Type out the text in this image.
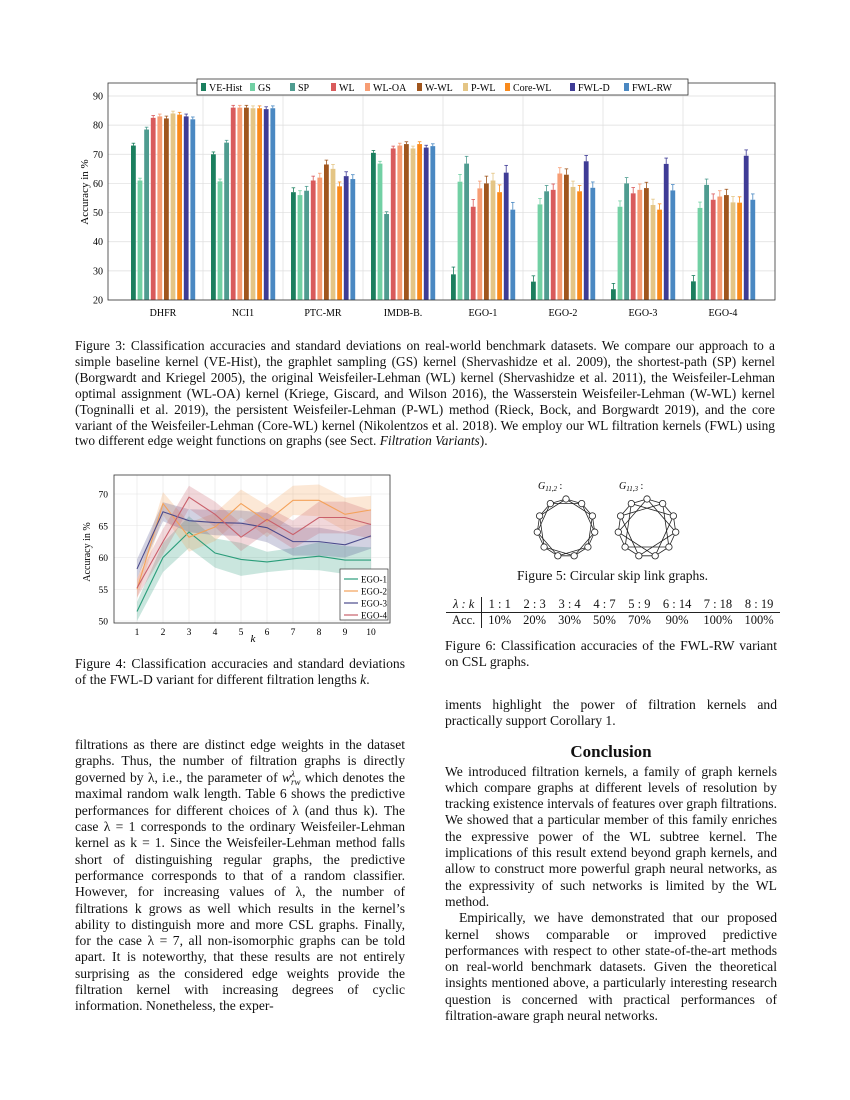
20
30
40
50
60
70
80
90
DHFR	NCI1	PTC-MR	IMDB-B.	EGO-1	EGO-2	EGO-3	EGO-4
Accuracy in %
VE-Hist GS	SP	WL WL-OA W-WL P-WL Core-WL	FWL-D FWL-RW
Figure 3: Classification accuracies and standard deviations on real-world benchmark datasets. We compare our approach to a simple baseline kernel (VE-Hist), the graphlet sampling (GS) kernel (Shervashidze et al. 2009), the shortest-path (SP) kernel (Borgwardt and Kriegel 2005), the original Weisfeiler-Lehman (WL) kernel (Shervashidze et al. 2011), the Weisfeiler-Lehman optimal assignment (WL-OA) kernel (Kriege, Giscard, and Wilson 2016), the Wasserstein Weisfeiler-Lehman (W-WL) kernel (Togninalli et al. 2019), the persistent Weisfeiler-Lehman (P-WL) method (Rieck, Bock, and Borgwardt 2019), and the core variant of the Weisfeiler-Lehman (Core-WL) kernel (Nikolentzos et al. 2018). We employ our WL filtration kernels (FWL) using two different edge weight functions on graphs (see Sect. Filtration Variants).
1 2 3 4 5 6 7 8 9 10
50
55
60
65
70
Accuracy in %
k
EGO-1
EGO-2
EGO-3
EGO-4
Figure 4: Classification accuracies and standard deviations of the FWL-D variant for different filtration lengths k.
$G_{11,2}$ :	$G_{11,3}$ :
Figure 5: Circular skip link graphs.
λ : k	1 : 1	2 : 3	3 : 4	4 : 7	5 : 9	6 : 14	7 : 18	8 : 19
Acc.	10%	20%	30%	50%	70%	90%	100%	100%
Figure 6: Classification accuracies of the FWL-RW variant on CSL graphs.
filtrations as there are distinct edge weights in the dataset graphs. Thus, the number of filtration graphs is directly governed by λ, i.e., the parameter of w λ
rw which denotes the maximal random walk length. Table 6 shows the predictive performances for different choices of λ (and thus k). The case λ = 1 corresponds to the ordinary Weisfeiler-Lehman kernel as k = 1. Since the Weisfeiler-Lehman method falls short of distinguishing regular graphs, the predictive performance corresponds to that of a random classifier. However, for increasing values of λ, the number of filtrations k grows as well which results in the kernel’s ability to distinguish more and more CSL graphs. Finally, for the case λ = 7, all non-isomorphic graphs can be told apart. It is noteworthy, that these results are not entirely surprising as the considered edge weights provide the filtration kernel with increasing degrees of cyclic information. Nonetheless, the exper-
iments highlight the power of filtration kernels and practically support Corollary 1.
Conclusion
We introduced filtration kernels, a family of graph kernels which compare graphs at different levels of resolution by tracking existence intervals of features over graph filtrations. We showed that a particular member of this family enriches the expressive power of the WL subtree kernel. The implications of this result extend beyond graph kernels, and allow to construct more powerful graph neural networks, as the expressivity of such networks is limited by the WL method.
Empirically, we have demonstrated that our proposed kernel shows comparable or improved predictive performances with respect to other state-of-the-art methods on real-world benchmark datasets. Given the theoretical insights mentioned above, a particularly interesting research question is concerned with practical performances of filtration-aware graph neural networks.
